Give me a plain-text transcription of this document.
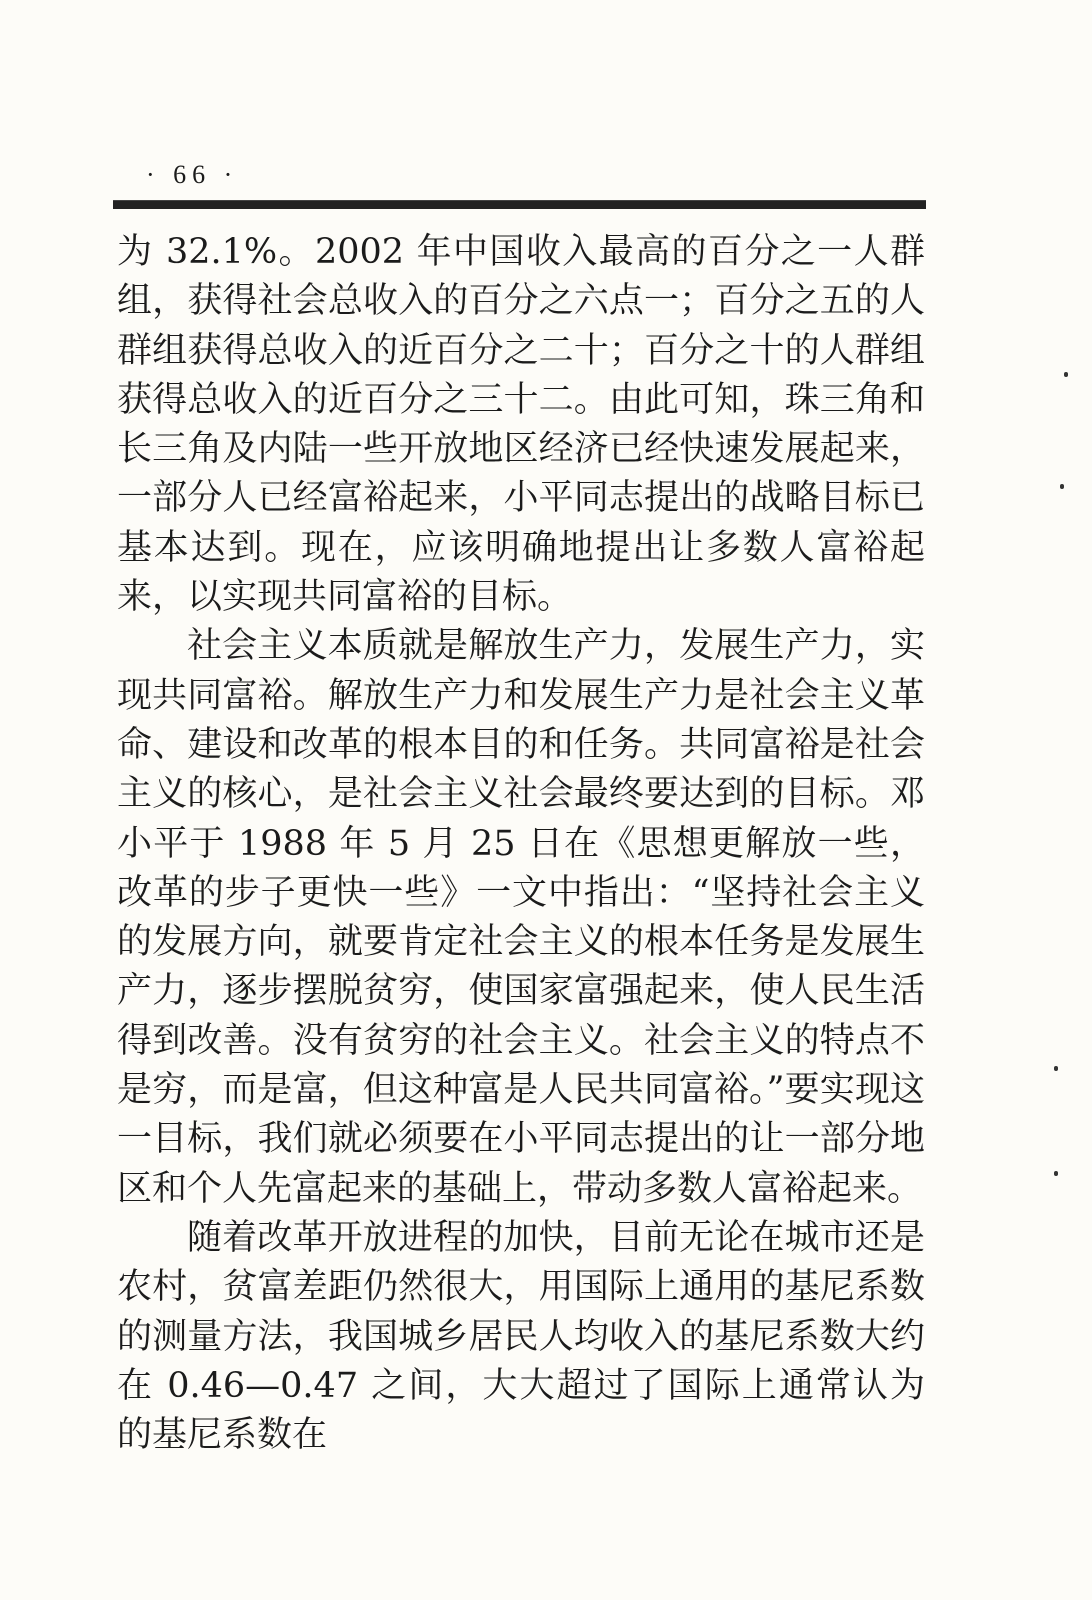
· 66 ·

为 32.1%。2002 年中国收入最高的百分之一人群组，获得社会总收入的百分之六点一；百分之五的人群组获得总收入的近百分之二十；百分之十的人群组获得总收入的近百分之三十二。由此可知，珠三角和长三角及内陆一些开放地区经济已经快速发展起来，一部分人已经富裕起来，小平同志提出的战略目标已基本达到。现在，应该明确地提出让多数人富裕起来，以实现共同富裕的目标。

社会主义本质就是解放生产力，发展生产力，实现共同富裕。解放生产力和发展生产力是社会主义革命、建设和改革的根本目的和任务。共同富裕是社会主义的核心，是社会主义社会最终要达到的目标。邓小平于 1988 年 5 月 25 日在《思想更解放一些，改革的步子更快一些》一文中指出：“坚持社会主义的发展方向，就要肯定社会主义的根本任务是发展生产力，逐步摆脱贫穷，使国家富强起来，使人民生活得到改善。没有贫穷的社会主义。社会主义的特点不是穷，而是富，但这种富是人民共同富裕。”要实现这一目标，我们就必须要在小平同志提出的让一部分地区和个人先富起来的基础上，带动多数人富裕起来。

随着改革开放进程的加快，目前无论在城市还是农村，贫富差距仍然很大，用国际上通用的基尼系数的测量方法，我国城乡居民人均收入的基尼系数大约在 0.46—0.47 之间，大大超过了国际上通常认为的基尼系数在
